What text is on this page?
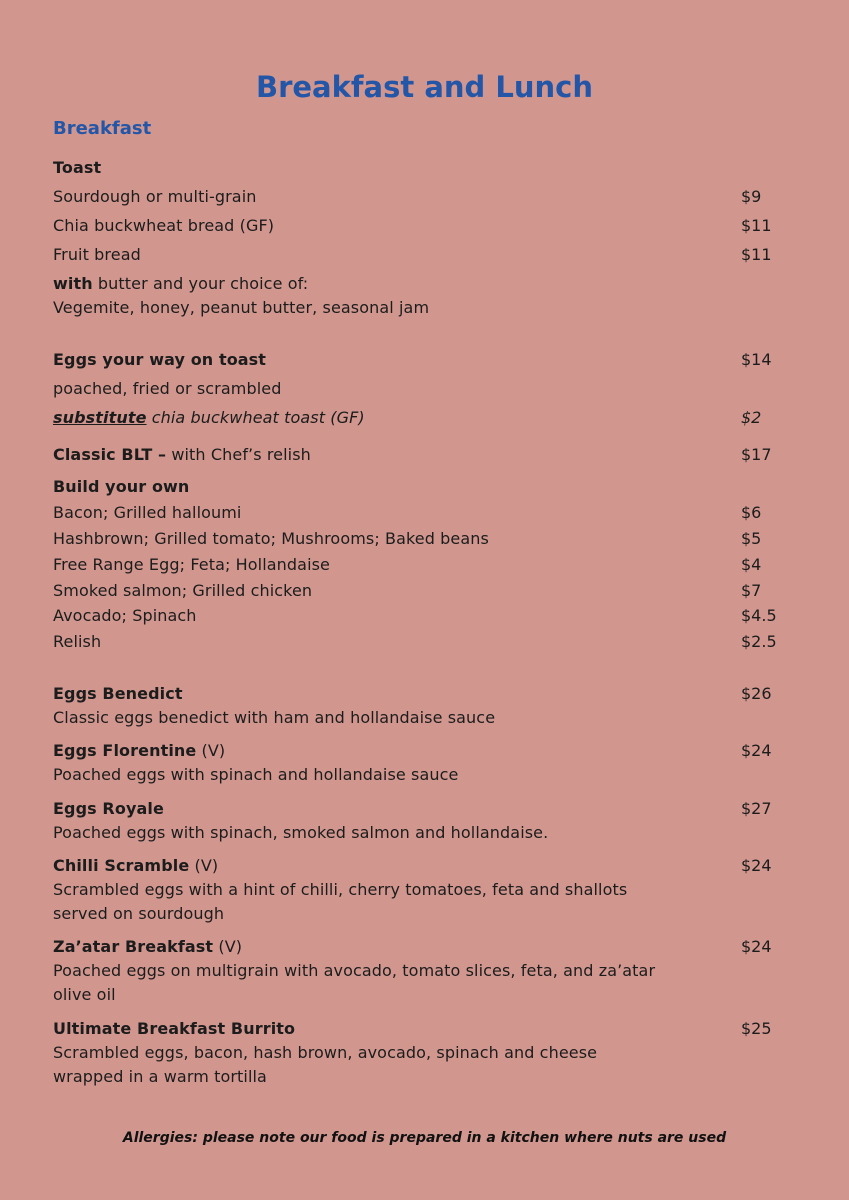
Breakfast and Lunch
Breakfast
Toast
Sourdough or multi-grain	$9
Chia buckwheat bread (GF)	$11
Fruit bread	$11
with butter and your choice of:
Vegemite, honey, peanut butter, seasonal jam
Eggs your way on toast	$14
poached, fried or scrambled
substitute chia buckwheat toast (GF)	$2
Classic BLT – with Chef’s relish	$17
Build your own
Bacon; Grilled halloumi	$6
Hashbrown; Grilled tomato; Mushrooms; Baked beans	$5
Free Range Egg; Feta; Hollandaise	$4
Smoked salmon; Grilled chicken	$7
Avocado; Spinach	$4.5
Relish	$2.5
Eggs Benedict	$26
Classic eggs benedict with ham and hollandaise sauce
Eggs Florentine (V)	$24
Poached eggs with spinach and hollandaise sauce
Eggs Royale	$27
Poached eggs with spinach, smoked salmon and hollandaise.
Chilli Scramble (V)	$24
Scrambled eggs with a hint of chilli, cherry tomatoes, feta and shallots
served on sourdough
Za’atar Breakfast (V)	$24
Poached eggs on multigrain with avocado, tomato slices, feta, and za’atar
olive oil
Ultimate Breakfast Burrito	$25
Scrambled eggs, bacon, hash brown, avocado, spinach and cheese
wrapped in a warm tortilla
Allergies: please note our food is prepared in a kitchen where nuts are used
